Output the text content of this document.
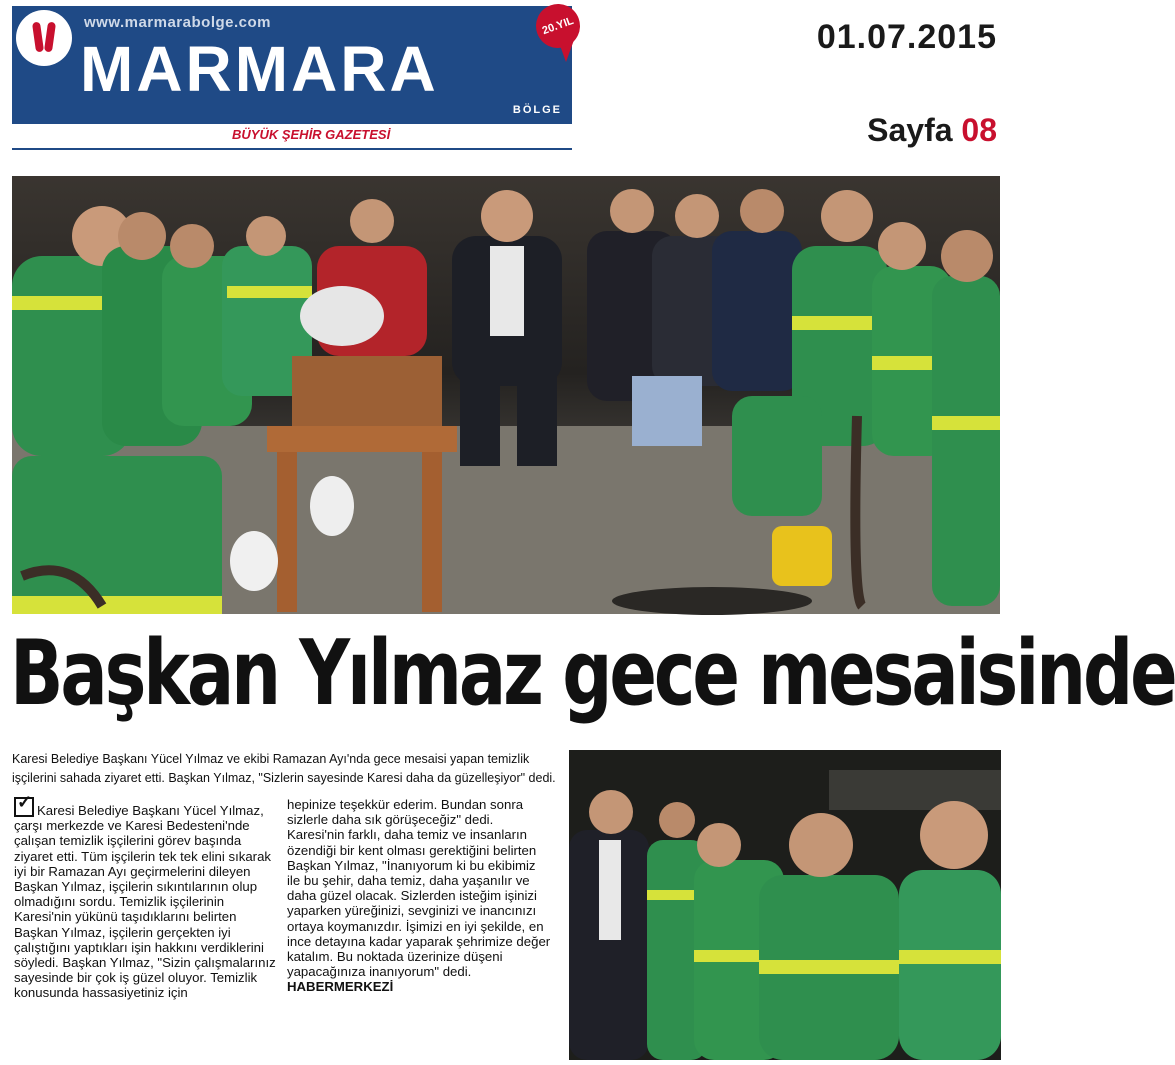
www.marmarabolge.com
MARMARA
BÖLGE
20.YIL
BÜYÜK ŞEHİR GAZETESİ
01.07.2015
Sayfa 08
Başkan Yılmaz gece mesaisinde
Karesi Belediye Başkanı Yücel Yılmaz ve ekibi Ramazan Ayı'nda gece mesaisi yapan temizlik işçilerini sahada ziyaret etti. Başkan Yılmaz, "Sizlerin sayesinde Karesi daha da güzelleşiyor" dedi.
✓Karesi Belediye Başkanı Yücel Yılmaz, çarşı merkezde ve Karesi Bedesteni'nde çalışan temizlik işçilerini görev başında ziyaret etti. Tüm işçilerin tek tek elini sıkarak iyi bir Ramazan Ayı geçirmelerini dileyen Başkan Yılmaz, işçilerin sıkıntılarının olup olmadığını sordu. Temizlik işçilerinin Karesi'nin yükünü taşıdıklarını belirten Başkan Yılmaz, işçilerin gerçekten iyi çalıştığını yaptıkları işin hakkını verdiklerini söyledi. Başkan Yılmaz, "Sizin çalışmalarınız sayesinde bir çok iş güzel oluyor. Temizlik konusunda hassasiyetiniz için
hepinize teşekkür ederim. Bundan sonra sizlerle daha sık görüşeceğiz" dedi. Karesi'nin farklı, daha temiz ve insanların özendiği bir kent olması gerektiğini belirten Başkan Yılmaz, "İnanıyorum ki bu ekibimiz ile bu şehir, daha temiz, daha yaşanılır ve daha güzel olacak. Sizlerden isteğim işinizi yaparken yüreğinizi, sevginizi ve inancınızı ortaya koymanızdır. İşimizi en iyi şekilde, en ince detayına kadar yaparak şehrimize değer katalım. Bu noktada üzerinize düşeni yapacağınıza inanıyorum" dedi.
HABERMERKEZİ
